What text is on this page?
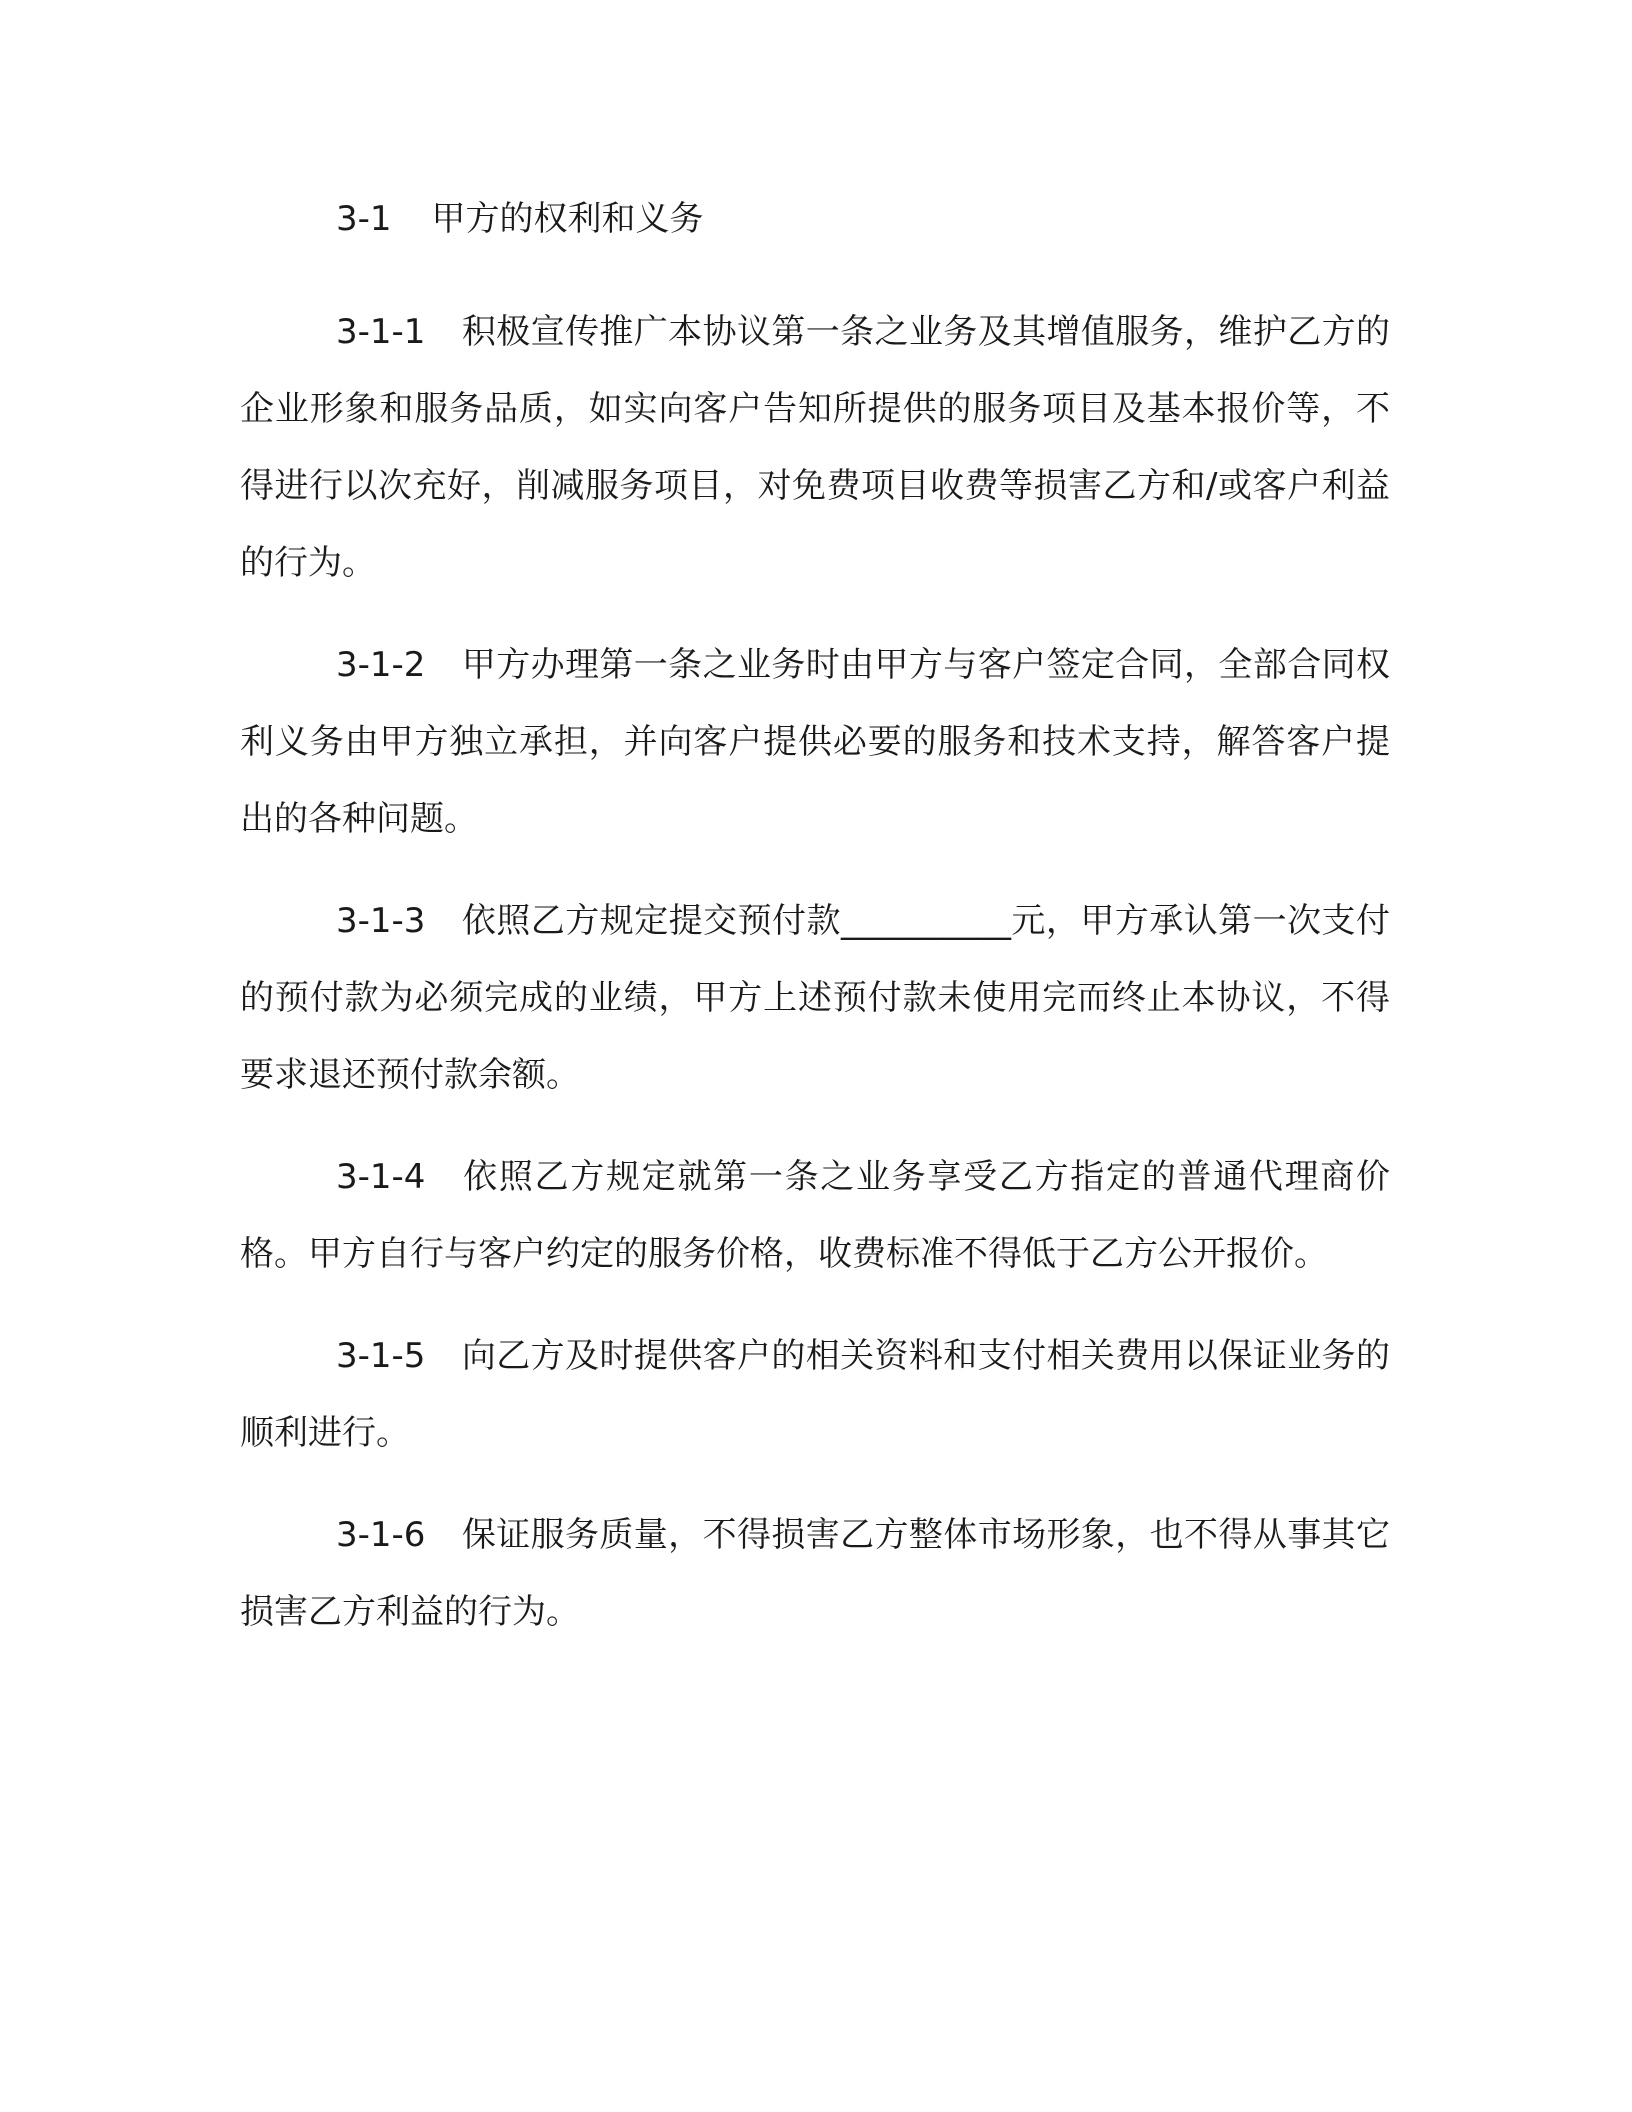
3-1 甲方的权利和义务

3-1-1 积极宣传推广本协议第一条之业务及其增值服务，维护乙方的企业形象和服务品质，如实向客户告知所提供的服务项目及基本报价等，不得进行以次充好，削减服务项目，对免费项目收费等损害乙方和/或客户利益的行为。

3-1-2 甲方办理第一条之业务时由甲方与客户签定合同，全部合同权利义务由甲方独立承担，并向客户提供必要的服务和技术支持，解答客户提出的各种问题。

3-1-3 依照乙方规定提交预付款__________元，甲方承认第一次支付的预付款为必须完成的业绩，甲方上述预付款未使用完而终止本协议，不得要求退还预付款余额。

3-1-4 依照乙方规定就第一条之业务享受乙方指定的普通代理商价格。甲方自行与客户约定的服务价格，收费标准不得低于乙方公开报价。

3-1-5 向乙方及时提供客户的相关资料和支付相关费用以保证业务的顺利进行。

3-1-6 保证服务质量，不得损害乙方整体市场形象，也不得从事其它损害乙方利益的行为。
